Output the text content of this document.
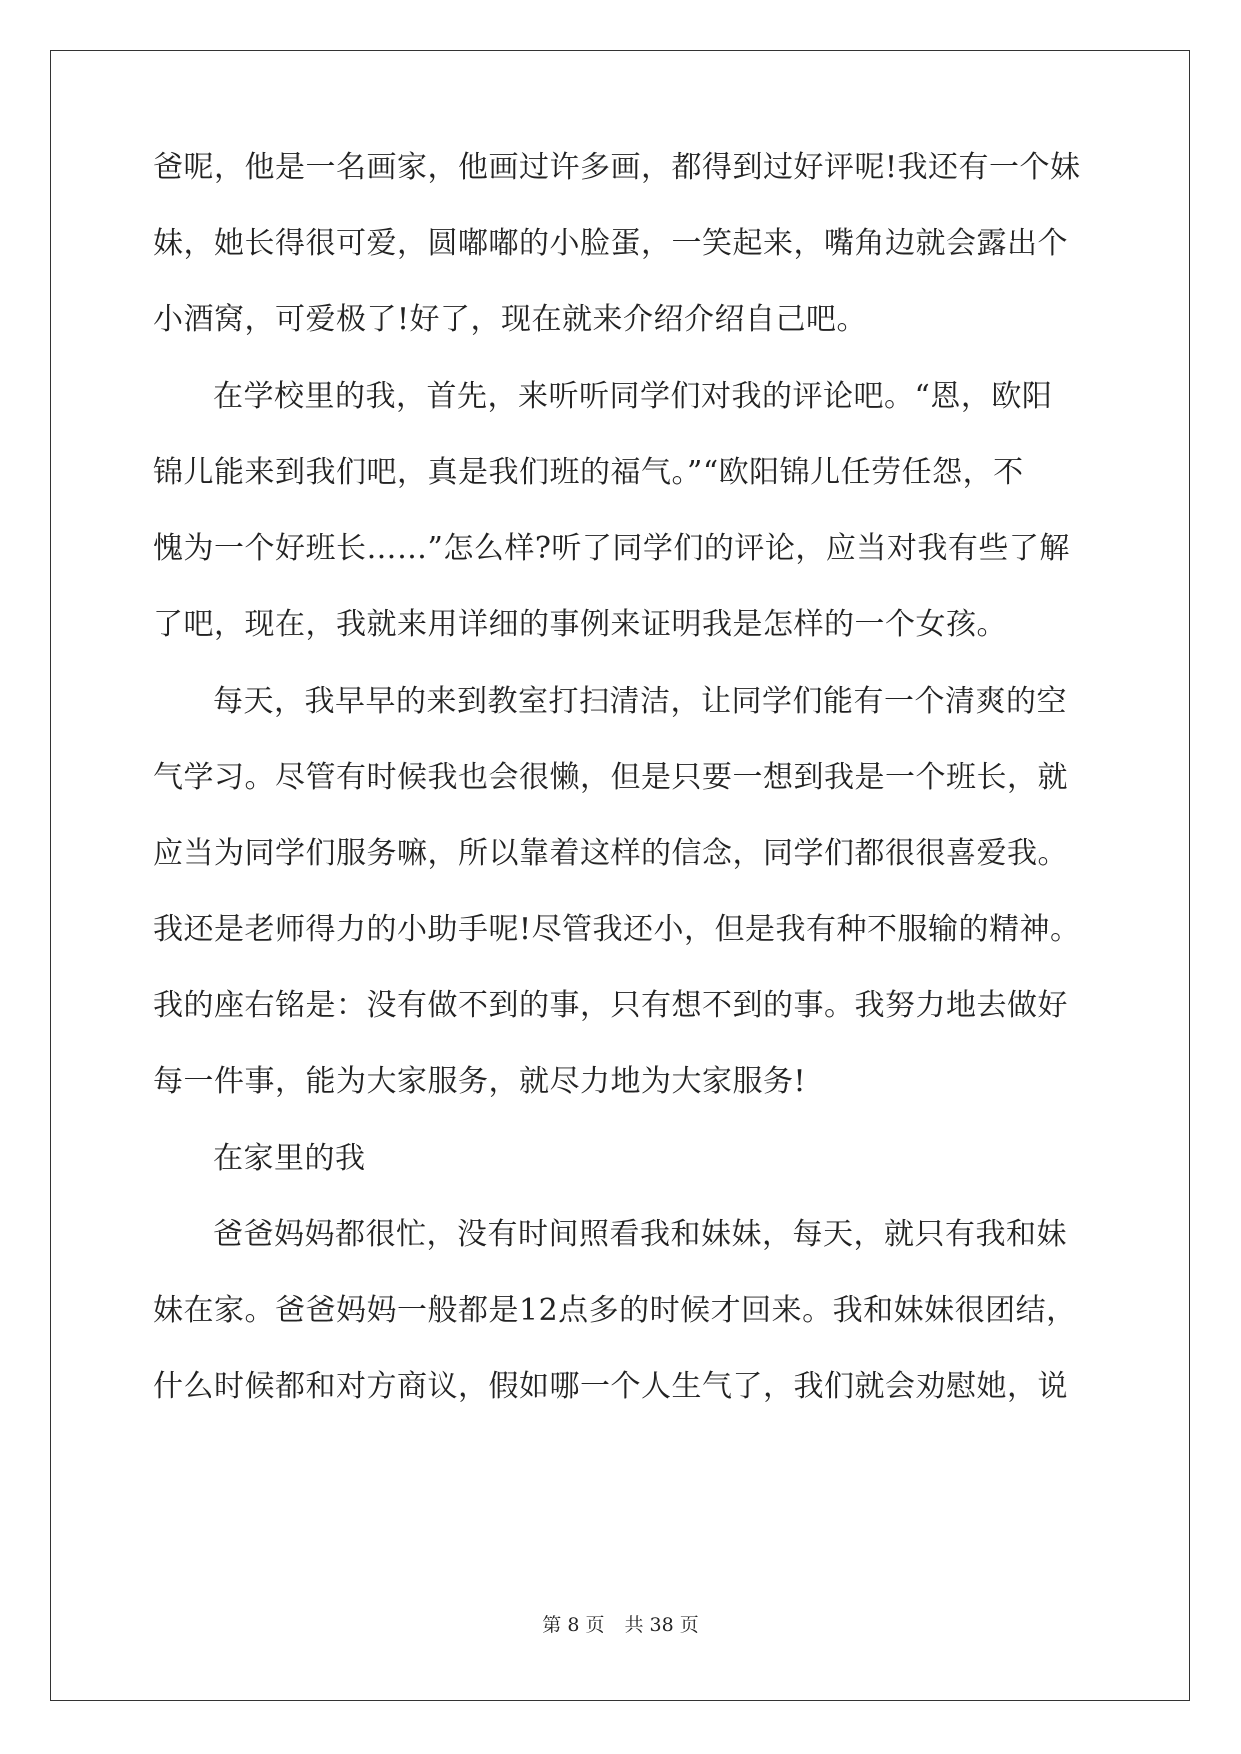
爸呢，他是一名画家，他画过许多画，都得到过好评呢!我还有一个妹
妹，她长得很可爱，圆嘟嘟的小脸蛋，一笑起来，嘴角边就会露出个
小酒窝，可爱极了!好了，现在就来介绍介绍自己吧。
在学校里的我，首先，来听听同学们对我的评论吧。“恩，欧阳
锦儿能来到我们吧，真是我们班的福气。”“欧阳锦儿任劳任怨，不
愧为一个好班长……”怎么样?听了同学们的评论，应当对我有些了解
了吧，现在，我就来用详细的事例来证明我是怎样的一个女孩。
每天，我早早的来到教室打扫清洁，让同学们能有一个清爽的空
气学习。尽管有时候我也会很懒，但是只要一想到我是一个班长，就
应当为同学们服务嘛，所以靠着这样的信念，同学们都很很喜爱我。
我还是老师得力的小助手呢!尽管我还小，但是我有种不服输的精神。
我的座右铭是：没有做不到的事，只有想不到的事。我努力地去做好
每一件事，能为大家服务，就尽力地为大家服务!
在家里的我
爸爸妈妈都很忙，没有时间照看我和妹妹，每天，就只有我和妹
妹在家。爸爸妈妈一般都是12点多的时候才回来。我和妹妹很团结，
什么时候都和对方商议，假如哪一个人生气了，我们就会劝慰她，说
第 8 页 共 38 页
